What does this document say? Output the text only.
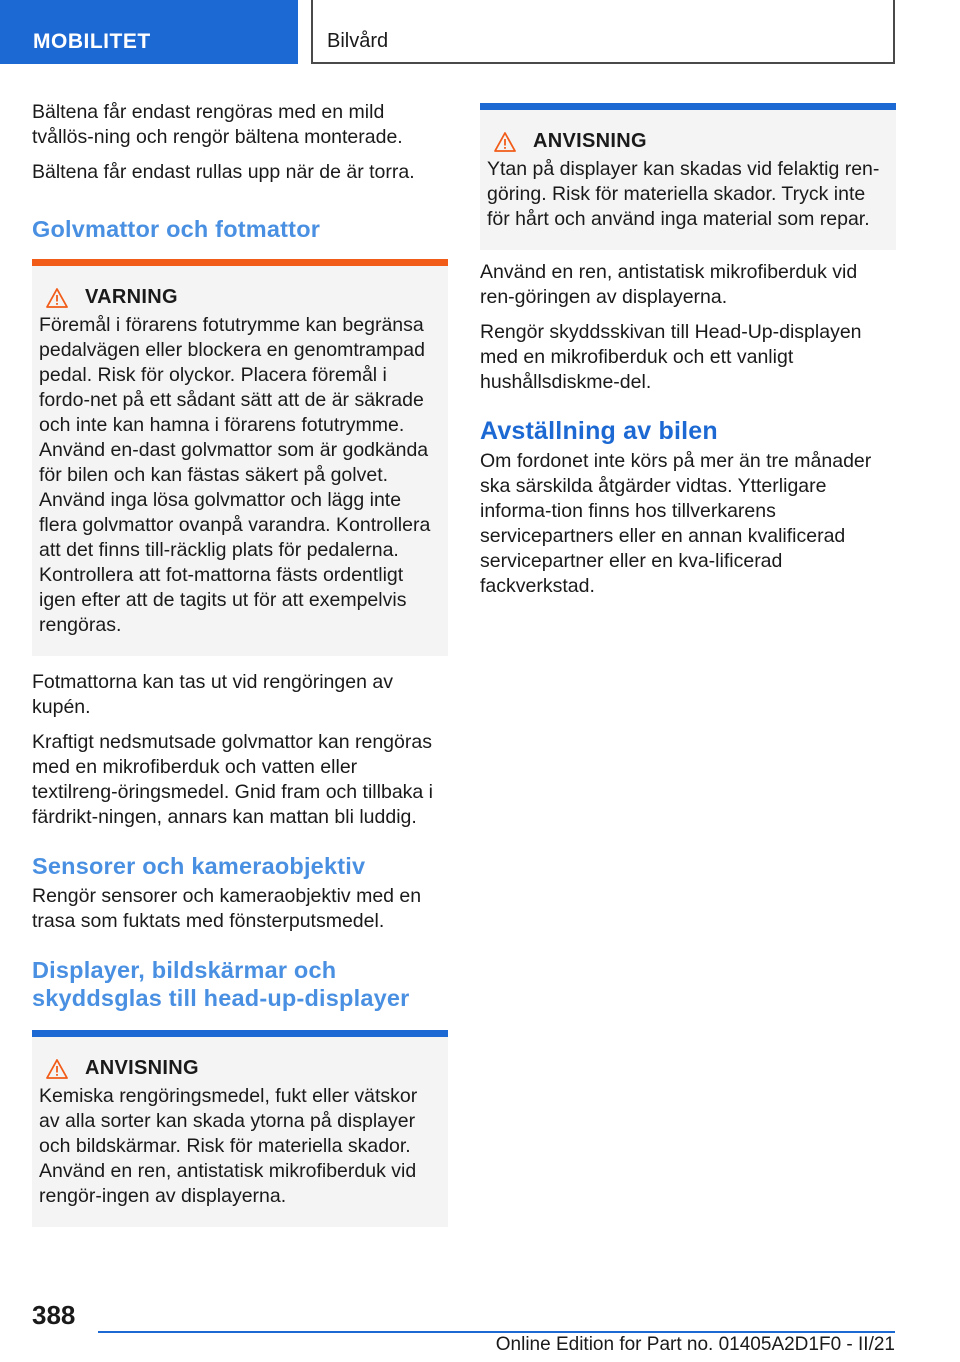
MOBILITET	Bilvård

Bältena får endast rengöras med en mild tvållös-ning och rengör bältena monterade.

Bältena får endast rullas upp när de är torra.

Golvmattor och fotmattor
VARNING

Föremål i förarens fotutrymme kan begränsa pedalvägen eller blockera en genomtrampad pedal. Risk för olyckor. Placera föremål i fordo-net på ett sådant sätt att de är säkrade och inte kan hamna i förarens fotutrymme. Använd en-dast golvmattor som är godkända för bilen och kan fästas säkert på golvet. Använd inga lösa golvmattor och lägg inte flera golvmattor ovanpå varandra. Kontrollera att det finns till-räcklig plats för pedalerna. Kontrollera att fot-mattorna fästs ordentligt igen efter att de tagits ut för att exempelvis rengöras.

Fotmattorna kan tas ut vid rengöringen av kupén.

Kraftigt nedsmutsade golvmattor kan rengöras med en mikrofiberduk och vatten eller textilreng-öringsmedel. Gnid fram och tillbaka i färdrikt-ningen, annars kan mattan bli luddig.

Sensorer och kameraobjektiv

Rengör sensorer och kameraobjektiv med en trasa som fuktats med fönsterputsmedel.

Displayer, bildskärmar och skyddsglas till head-up-displayer
ANVISNING

Kemiska rengöringsmedel, fukt eller vätskor av alla sorter kan skada ytorna på displayer och bildskärmar. Risk för materiella skador. Använd en ren, antistatisk mikrofiberduk vid rengör-ingen av displayerna.

ANVISNING

Ytan på displayer kan skadas vid felaktig ren-göring. Risk för materiella skador. Tryck inte för hårt och använd inga material som repar.

Använd en ren, antistatisk mikrofiberduk vid ren-göringen av displayerna.

Rengör skyddsskivan till Head-Up-displayen med en mikrofiberduk och ett vanligt hushållsdiskme-del.

Avställning av bilen

Om fordonet inte körs på mer än tre månader ska särskilda åtgärder vidtas. Ytterligare informa-tion finns hos tillverkarens servicepartners eller en annan kvalificerad servicepartner eller en kva-lificerad fackverkstad.

388
Online Edition for Part no. 01405A2D1F0 - II/21
